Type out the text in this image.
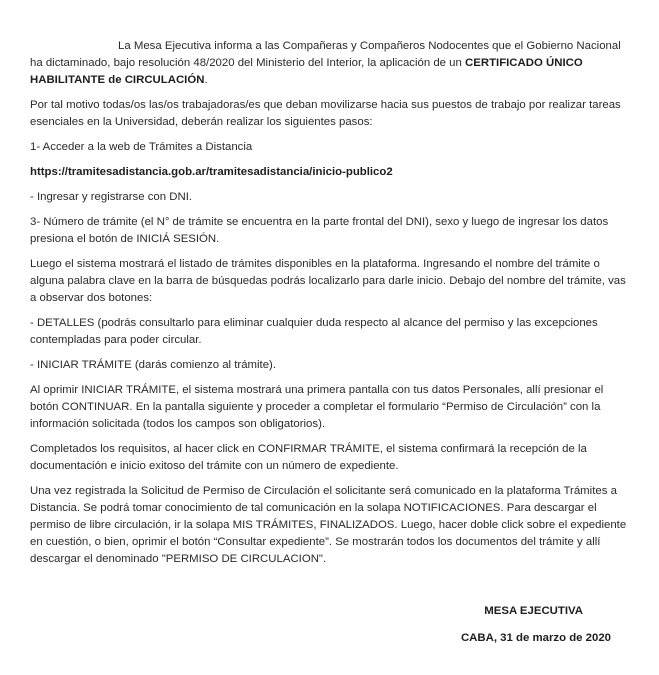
La Mesa Ejecutiva informa a las Compañeras y Compañeros Nodocentes que el Gobierno Nacional ha dictaminado, bajo resolución 48/2020 del Ministerio del Interior, la aplicación de un CERTIFICADO ÚNICO HABILITANTE de CIRCULACIÓN.

Por tal motivo todas/os las/os trabajadoras/es que deban movilizarse hacia sus puestos de trabajo por realizar tareas esenciales en la Universidad, deberán realizar los siguientes pasos:

1- Acceder a la web de Trámites a Distancia

https://tramitesadistancia.gob.ar/tramitesadistancia/inicio-publico2

- Ingresar y registrarse con DNI.

3- Número de trámite (el N° de trámite se encuentra en la parte frontal del DNI), sexo y luego de ingresar los datos presiona el botón de INICIÁ SESIÓN.

Luego el sistema mostrará el listado de trámites disponibles en la plataforma. Ingresando el nombre del trámite o alguna palabra clave en la barra de búsquedas podrás localizarlo para darle inicio. Debajo del nombre del trámite, vas a observar dos botones:

- DETALLES (podrás consultarlo para eliminar cualquier duda respecto al alcance del permiso y las excepciones contempladas para poder circular.

- INICIAR TRÁMITE (darás comienzo al trámite).

Al oprimir INICIAR TRÁMITE, el sistema mostrará una primera pantalla con tus datos Personales, allí presionar el botón CONTINUAR. En la pantalla siguiente y proceder a completar el formulario “Permiso de Circulación” con la información solicitada (todos los campos son obligatorios).

Completados los requisitos, al hacer click en CONFIRMAR TRÁMITE, el sistema confirmará la recepción de la documentación e inicio exitoso del trámite con un número de expediente.

Una vez registrada la Solicitud de Permiso de Circulación el solicitante será comunicado en la plataforma Trámites a Distancia. Se podrá tomar conocimiento de tal comunicación en la solapa NOTIFICACIONES. Para descargar el permiso de libre circulación, ir la solapa MIS TRÁMITES, FINALIZADOS. Luego, hacer doble click sobre el expediente en cuestión, o bien, oprimir el botón “Consultar expediente”. Se mostrarán todos los documentos del trámite y allí descargar el denominado "PERMISO DE CIRCULACION".

MESA EJECUTIVA
CABA, 31 de marzo de 2020
